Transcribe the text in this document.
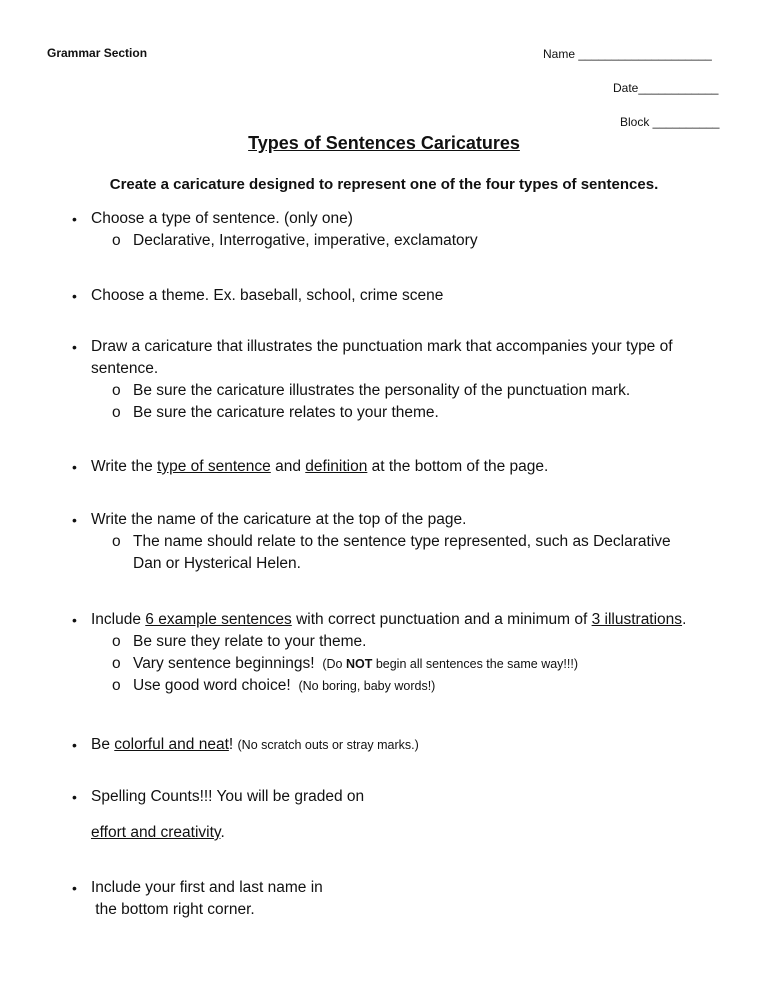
Grammar Section	Name ____________________
Date____________
Block __________
Types of Sentences Caricatures
Create a caricature designed to represent one of the four types of sentences.
• Choose a type of sentence. (only one)
o Declarative, Interrogative, imperative, exclamatory
• Choose a theme. Ex. baseball, school, crime scene
• Draw a caricature that illustrates the punctuation mark that accompanies your type of
sentence.
o Be sure the caricature illustrates the personality of the punctuation mark.
o Be sure the caricature relates to your theme.
• Write the type of sentence and definition at the bottom of the page.
• Write the name of the caricature at the top of the page.
o The name should relate to the sentence type represented, such as Declarative
Dan or Hysterical Helen.
• Include 6 example sentences with correct punctuation and a minimum of 3 illustrations.
o Be sure they relate to your theme.
o Vary sentence beginnings! (Do NOT begin all sentences the same way!!!)
o Use good word choice! (No boring, baby words!)
• Be colorful and neat! (No scratch outs or stray marks.)
• Spelling Counts!!! You will be graded on
effort and creativity.
• Include your first and last name in
the bottom right corner.
